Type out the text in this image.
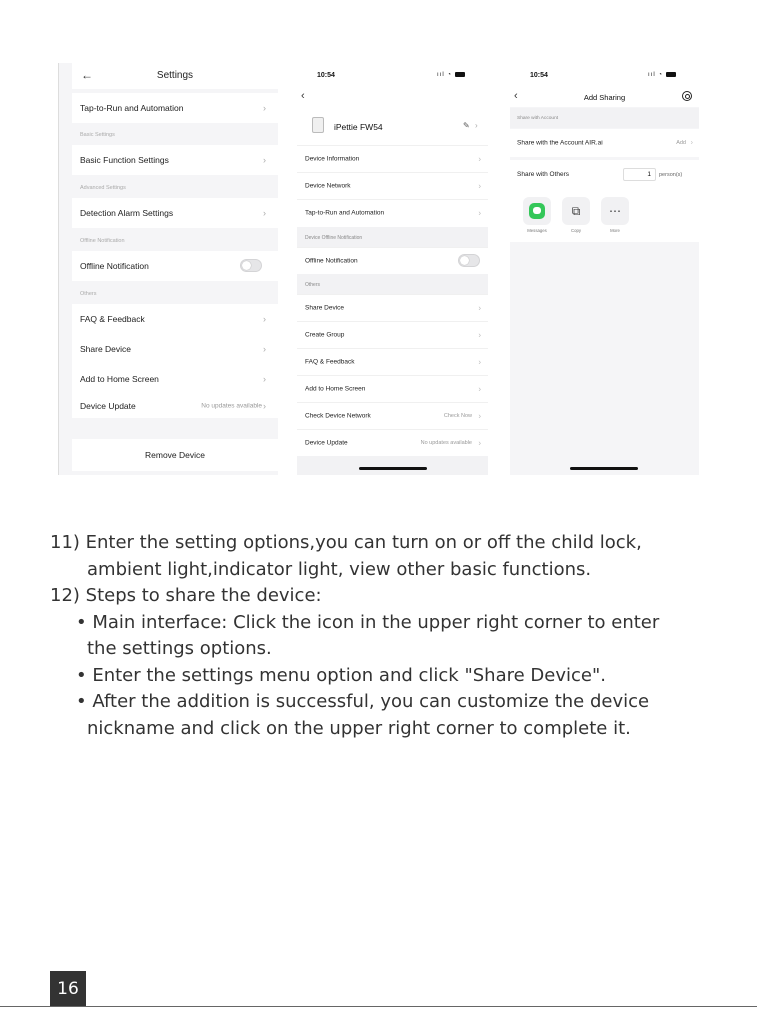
←	Settings
Tap-to-Run and Automation	›
Basic Settings
Basic Function Settings	›
Advanced Settings
Detection Alarm Settings	›
Offline Notification
Offline Notification
Others
FAQ & Feedback	›
Share Device	›
Add to Home Screen	›
Device Update	No updates available ›
Remove Device
10:54	ııl ◔
‹
iPettie FW54	✎ ›
Device Information	›
Device Network	›
Tap-to-Run and Automation	›
Device Offline Notification
Offline Notification
Others
Share Device	›
Create Group	›
FAQ & Feedback	›
Add to Home Screen	›
Check Device Network	Check Now ›
Device Update	No updates available ›
10:54	ııl ◔
‹	Add Sharing
Share with Account
Share with the Account AIR.ai	Add ›
Share with Others	1	person(s)
⧉	⋯
Messages	Copy	More

11) Enter the setting options,you can turn on or off the child lock,

ambient light,indicator light, view other basic functions.

12) Steps to share the device:

• Main interface: Click the icon in the upper right corner to enter

the settings options.

• Enter the settings menu option and click "Share Device".

• After the addition is successful, you can customize the device

nickname and click on the upper right corner to complete it.

16
